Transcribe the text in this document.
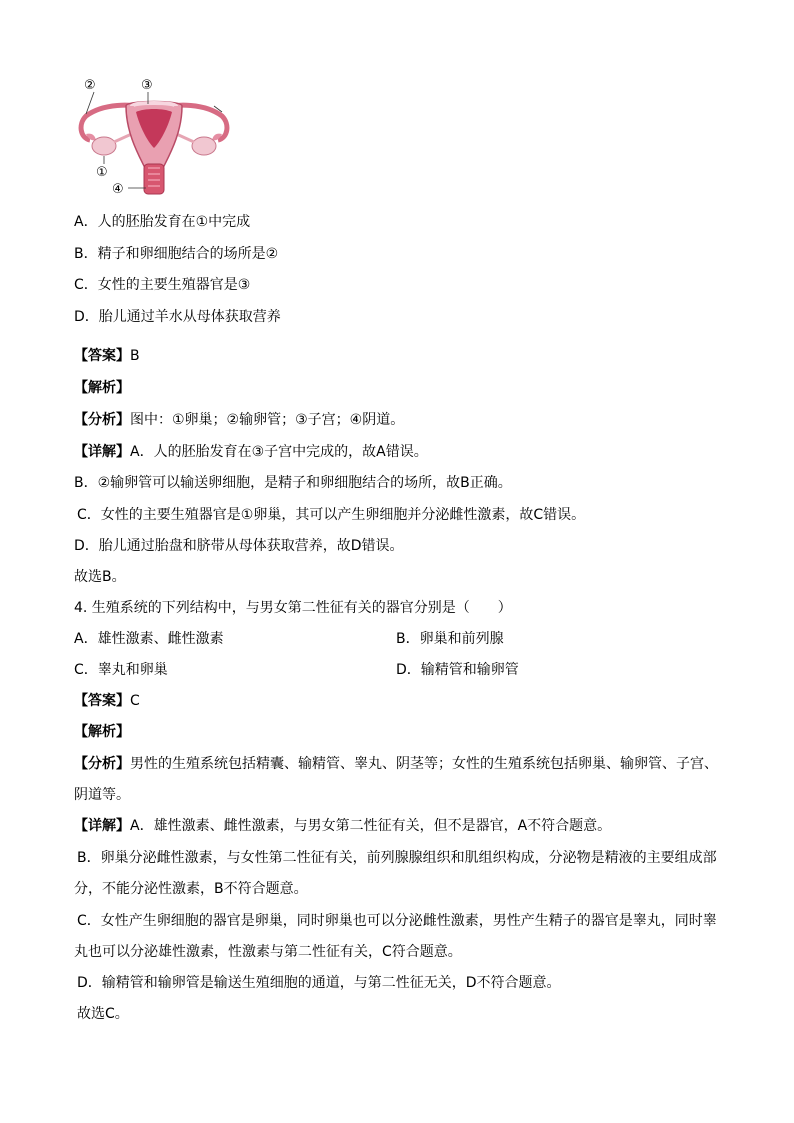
②	③
①
④
A．人的胚胎发育在①中完成
B．精子和卵细胞结合的场所是②
C．女性的主要生殖器官是③
D．胎儿通过羊水从母体获取营养
【答案】B
【解析】
【分析】图中：①卵巢；②输卵管；③子宫；④阴道。
【详解】A．人的胚胎发育在③子宫中完成的，故A错误。
B．②输卵管可以输送卵细胞，是精子和卵细胞结合的场所，故B正确。
C．女性的主要生殖器官是①卵巢，其可以产生卵细胞并分泌雌性激素，故C错误。
D．胎儿通过胎盘和脐带从母体获取营养，故D错误。
故选B。
4. 生殖系统的下列结构中，与男女第二性征有关的器官分别是（　　）
A．雄性激素、雌性激素	B．卵巢和前列腺
C．睾丸和卵巢	D．输精管和输卵管
【答案】C
【解析】
【分析】男性的生殖系统包括精囊、输精管、睾丸、阴茎等；女性的生殖系统包括卵巢、输卵管、子宫、
阴道等。
【详解】A．雄性激素、雌性激素，与男女第二性征有关，但不是器官，A不符合题意。
B．卵巢分泌雌性激素，与女性第二性征有关，前列腺腺组织和肌组织构成，分泌物是精液的主要组成部
分，不能分泌性激素，B不符合题意。
C．女性产生卵细胞的器官是卵巢，同时卵巢也可以分泌雌性激素，男性产生精子的器官是睾丸，同时睾
丸也可以分泌雄性激素，性激素与第二性征有关，C符合题意。
D．输精管和输卵管是输送生殖细胞的通道，与第二性征无关，D不符合题意。
故选C。
